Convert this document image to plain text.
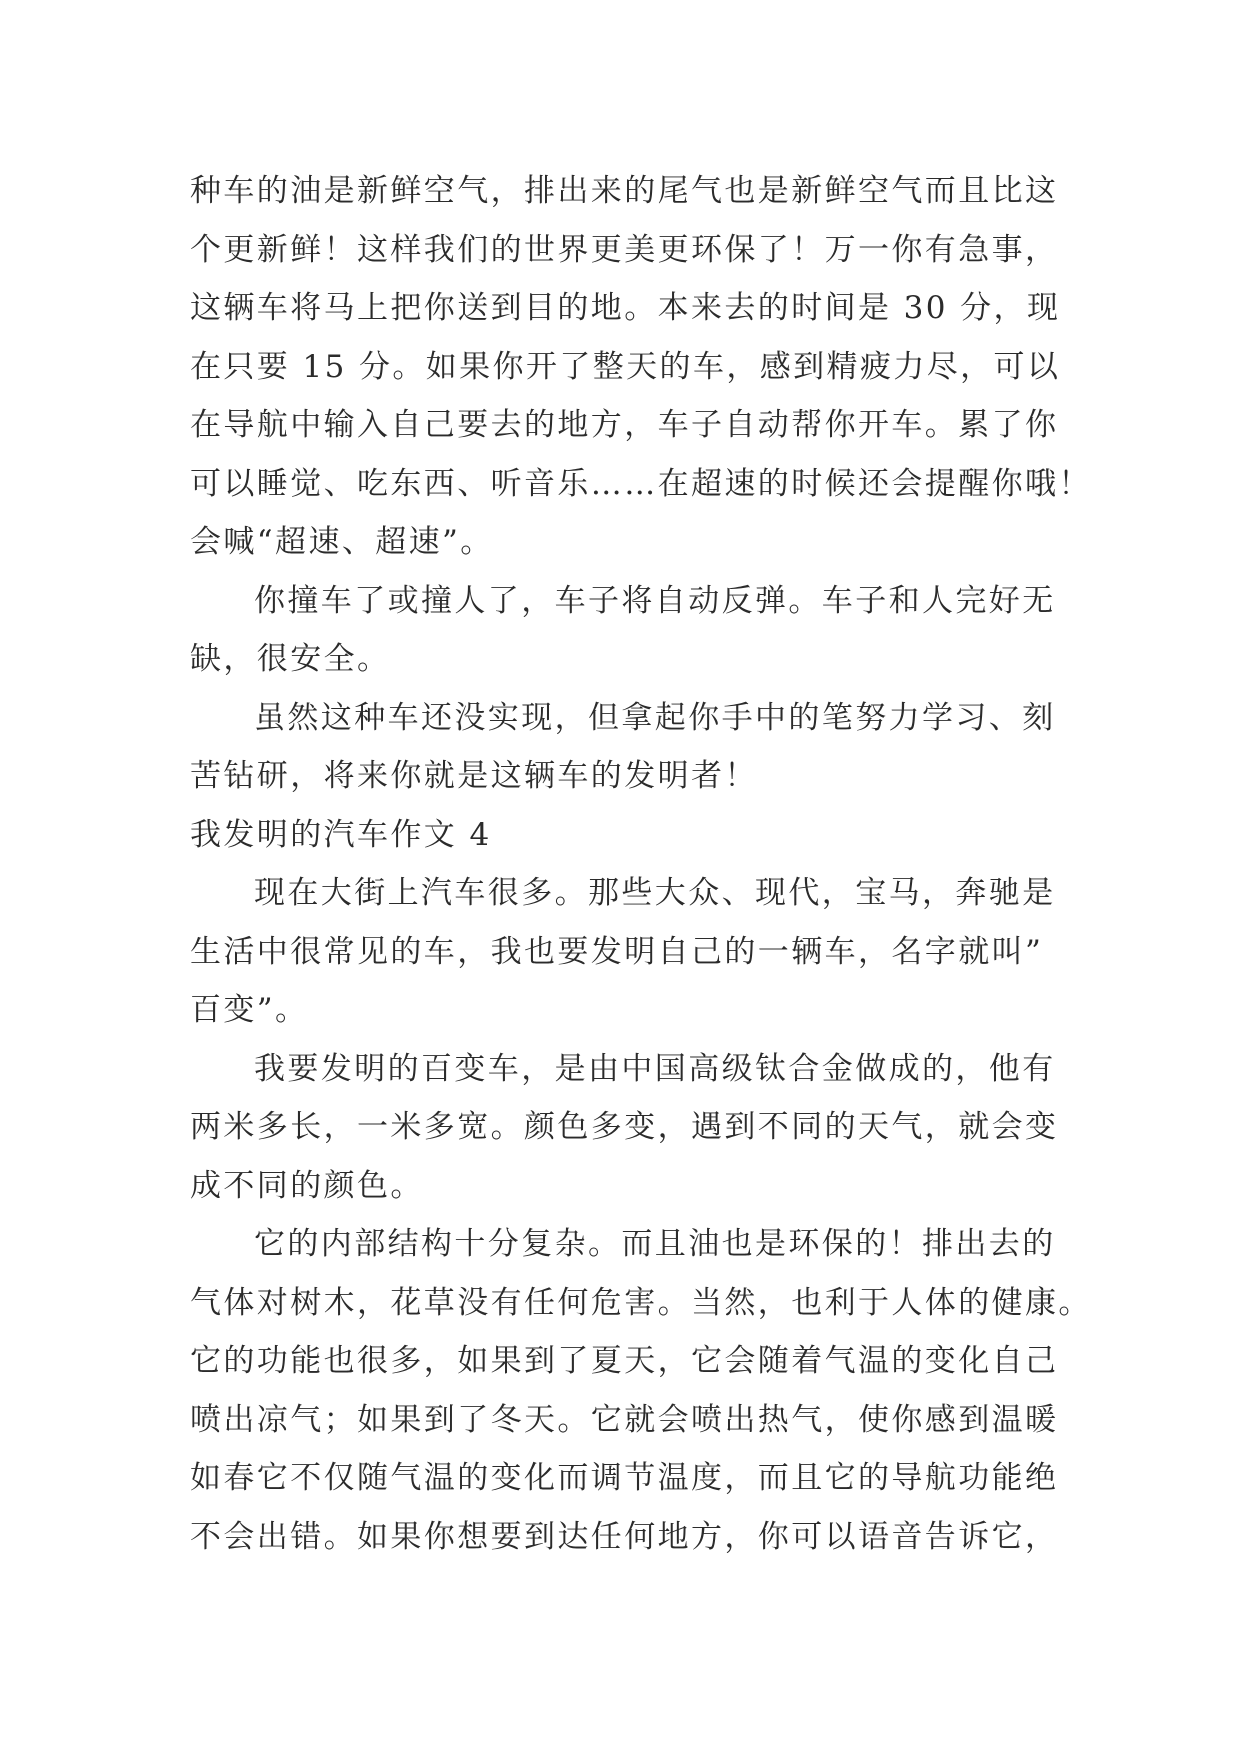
种车的油是新鲜空气，排出来的尾气也是新鲜空气而且比这
个更新鲜！这样我们的世界更美更环保了！万一你有急事，
这辆车将马上把你送到目的地。本来去的时间是 30 分，现
在只要 15 分。如果你开了整天的车，感到精疲力尽，可以
在导航中输入自己要去的地方，车子自动帮你开车。累了你
可以睡觉、吃东西、听音乐……在超速的时候还会提醒你哦！
会喊“超速、超速”。
你撞车了或撞人了，车子将自动反弹。车子和人完好无
缺，很安全。
虽然这种车还没实现，但拿起你手中的笔努力学习、刻
苦钻研，将来你就是这辆车的发明者！
我发明的汽车作文 4
现在大街上汽车很多。那些大众、现代，宝马，奔驰是
生活中很常见的车，我也要发明自己的一辆车，名字就叫”
百变”。
我要发明的百变车，是由中国高级钛合金做成的，他有
两米多长，一米多宽。颜色多变，遇到不同的天气，就会变
成不同的颜色。
它的内部结构十分复杂。而且油也是环保的！排出去的
气体对树木，花草没有任何危害。当然，也利于人体的健康。
它的功能也很多，如果到了夏天，它会随着气温的变化自己
喷出凉气；如果到了冬天。它就会喷出热气，使你感到温暖
如春它不仅随气温的变化而调节温度，而且它的导航功能绝
不会出错。如果你想要到达任何地方，你可以语音告诉它，
